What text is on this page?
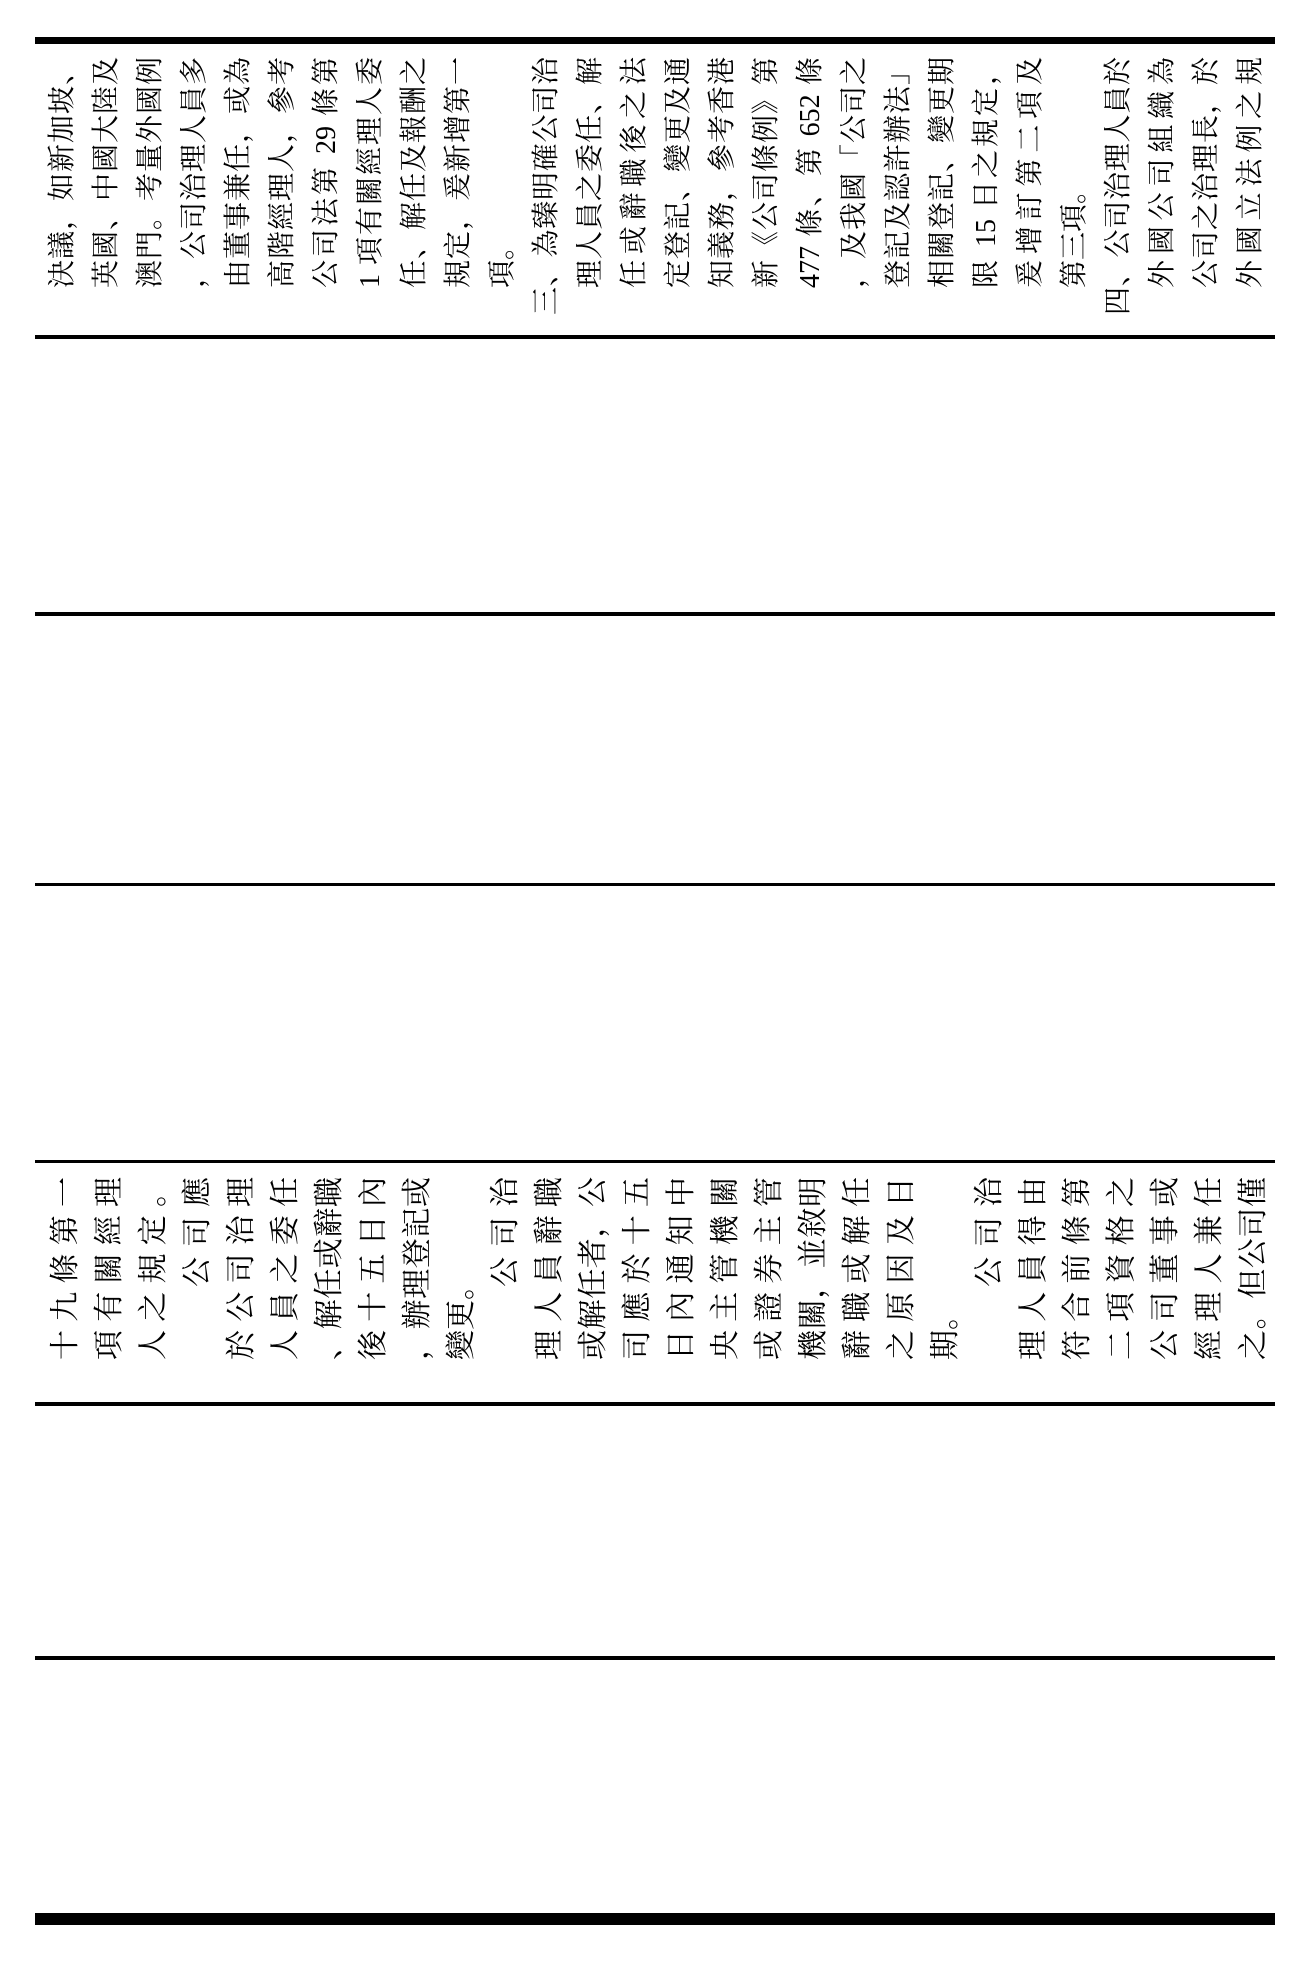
十九條第一 項有關經理 人之規定。 公司應 於公司治理 人員之委任 、解任或辭職 後十五日內 ，辦理登記或 變更。
公司治 理人員辭職 或解任者，公 司應於十五 日內通知中 央主管機關 或證券主管 機關，並敘明 辭職或解任 之原因及日 期。
公司治 理人員得由 符合前條第 二項資格之 公司董事或 經理人兼任 之。但公司僅
決議，如新加坡、 英國、中國大陸及 澳門。考量外國例 ，公司治理人員多 由董事兼任，或為 高階經理人，參考 公司法第 29 條第 1 項有關經理人委 任、解任及報酬之 規定，爰新增第一 項。 三、為臻明確公司治 理人員之委任、解 任或辭職後之法 定登記、變更及通 知義務，參考香港 新《公司條例》第 477 條、第 652 條 ，及我國「公司之 登記及認許辦法」 相關登記、變更期 限 15 日之規定， 爰增訂第二項及 第三項。 四、公司治理人員於 外國公司組織為 公司之治理長，於 外國立法例之規
